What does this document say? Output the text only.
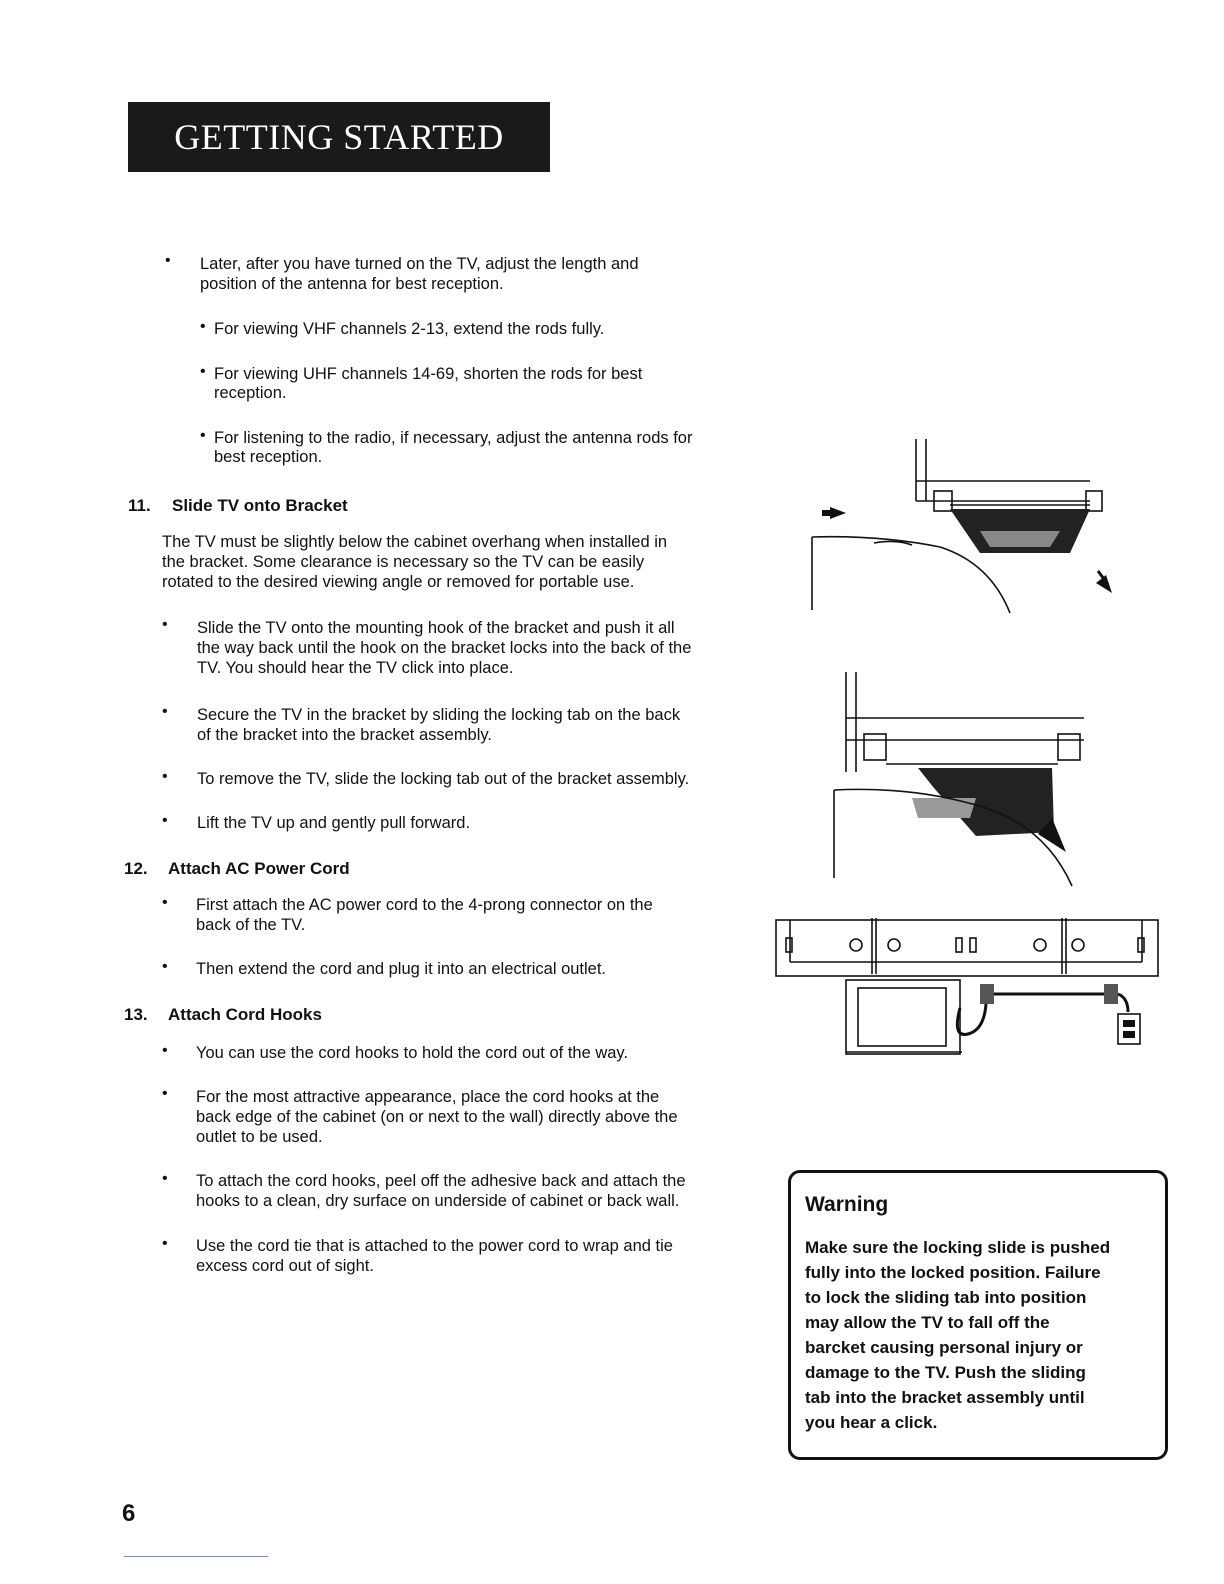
GETTING STARTED
• Later, after you have turned on the TV, adjust the length and
position of the antenna for best reception.
• For viewing VHF channels 2-13, extend the rods fully.
• For viewing UHF channels 14-69, shorten the rods for best
reception.
• For listening to the radio, if necessary, adjust the antenna rods for
best reception.
11. Slide TV onto Bracket
The TV must be slightly below the cabinet overhang when installed in
the bracket. Some clearance is necessary so the TV can be easily
rotated to the desired viewing angle or removed for portable use.
• Slide the TV onto the mounting hook of the bracket and push it all
the way back until the hook on the bracket locks into the back of the
TV. You should hear the TV click into place.
• Secure the TV in the bracket by sliding the locking tab on the back
of the bracket into the bracket assembly.
• To remove the TV, slide the locking tab out of the bracket assembly.
• Lift the TV up and gently pull forward.
12. Attach AC Power Cord
• First attach the AC power cord to the 4-prong connector on the
back of the TV.
• Then extend the cord and plug it into an electrical outlet.
13. Attach Cord Hooks
• You can use the cord hooks to hold the cord out of the way.
• For the most attractive appearance, place the cord hooks at the
back edge of the cabinet (on or next to the wall) directly above the
outlet to be used.
• To attach the cord hooks, peel off the adhesive back and attach the
hooks to a clean, dry surface on underside of cabinet or back wall.
• Use the cord tie that is attached to the power cord to wrap and tie
excess cord out of sight.
Warning
Make sure the locking slide is pushed
fully into the locked position. Failure
to lock the sliding tab into position
may allow the TV to fall off the
barcket causing personal injury or
damage to the TV. Push the sliding
tab into the bracket assembly until
you hear a click.
6
